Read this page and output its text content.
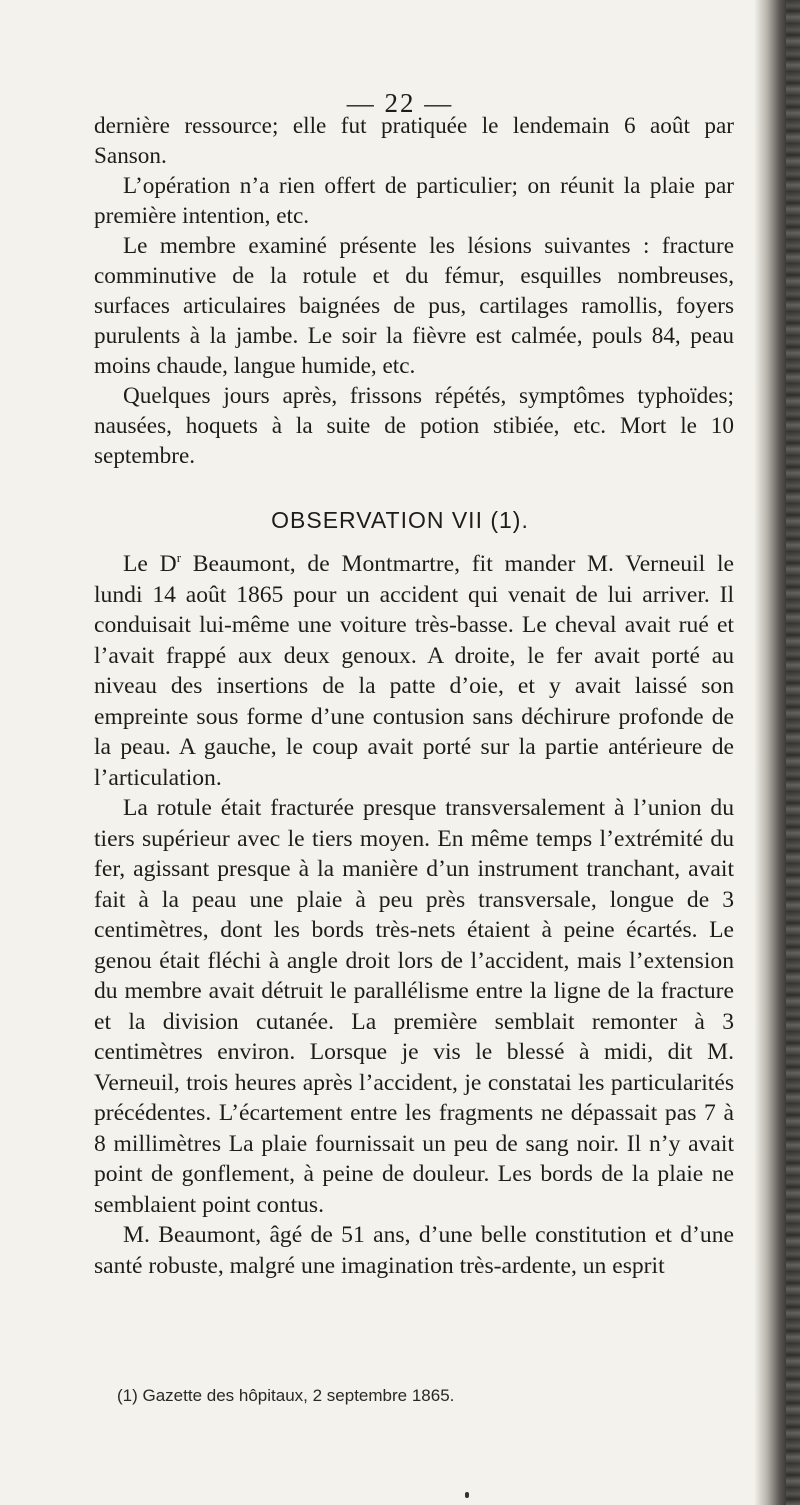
— 22 —

dernière ressource; elle fut pratiquée le lendemain 6 août par Sanson.

L’opération n’a rien offert de particulier; on réunit la plaie par première intention, etc.

Le membre examiné présente les lésions suivantes : fracture comminutive de la rotule et du fémur, esquilles nombreuses, surfaces articulaires baignées de pus, cartilages ramollis, foyers purulents à la jambe. Le soir la fièvre est calmée, pouls 84, peau moins chaude, langue humide, etc.

Quelques jours après, frissons répétés, symptômes typhoïdes; nausées, hoquets à la suite de potion stibiée, etc. Mort le 10 septembre.

OBSERVATION VII (1).

Le $D^r$ Beaumont, de Montmartre, fit mander M. Verneuil le lundi 14 août 1865 pour un accident qui venait de lui arriver. Il conduisait lui-même une voiture très-basse. Le cheval avait rué et l’avait frappé aux deux genoux. A droite, le fer avait porté au niveau des insertions de la patte d’oie, et y avait laissé son empreinte sous forme d’une contusion sans déchirure profonde de la peau. A gauche, le coup avait porté sur la partie antérieure de l’articulation.

La rotule était fracturée presque transversalement à l’union du tiers supérieur avec le tiers moyen. En même temps l’extrémité du fer, agissant presque à la manière d’un instrument tranchant, avait fait à la peau une plaie à peu près transversale, longue de 3 centimètres, dont les bords très-nets étaient à peine écartés. Le genou était fléchi à angle droit lors de l’accident, mais l’extension du membre avait détruit le parallélisme entre la ligne de la fracture et la division cutanée. La première semblait remonter à 3 centimètres environ. Lorsque je vis le blessé à midi, dit M. Verneuil, trois heures après l’accident, je constatai les particularités précédentes. L’écartement entre les fragments ne dépassait pas 7 à 8 millimètres La plaie fournissait un peu de sang noir. Il n’y avait point de gonflement, à peine de douleur. Les bords de la plaie ne semblaient point contus.

M. Beaumont, âgé de 51 ans, d’une belle constitution et d’une santé robuste, malgré une imagination très-ardente, un esprit

(1) Gazette des hôpitaux, 2 septembre 1865.
